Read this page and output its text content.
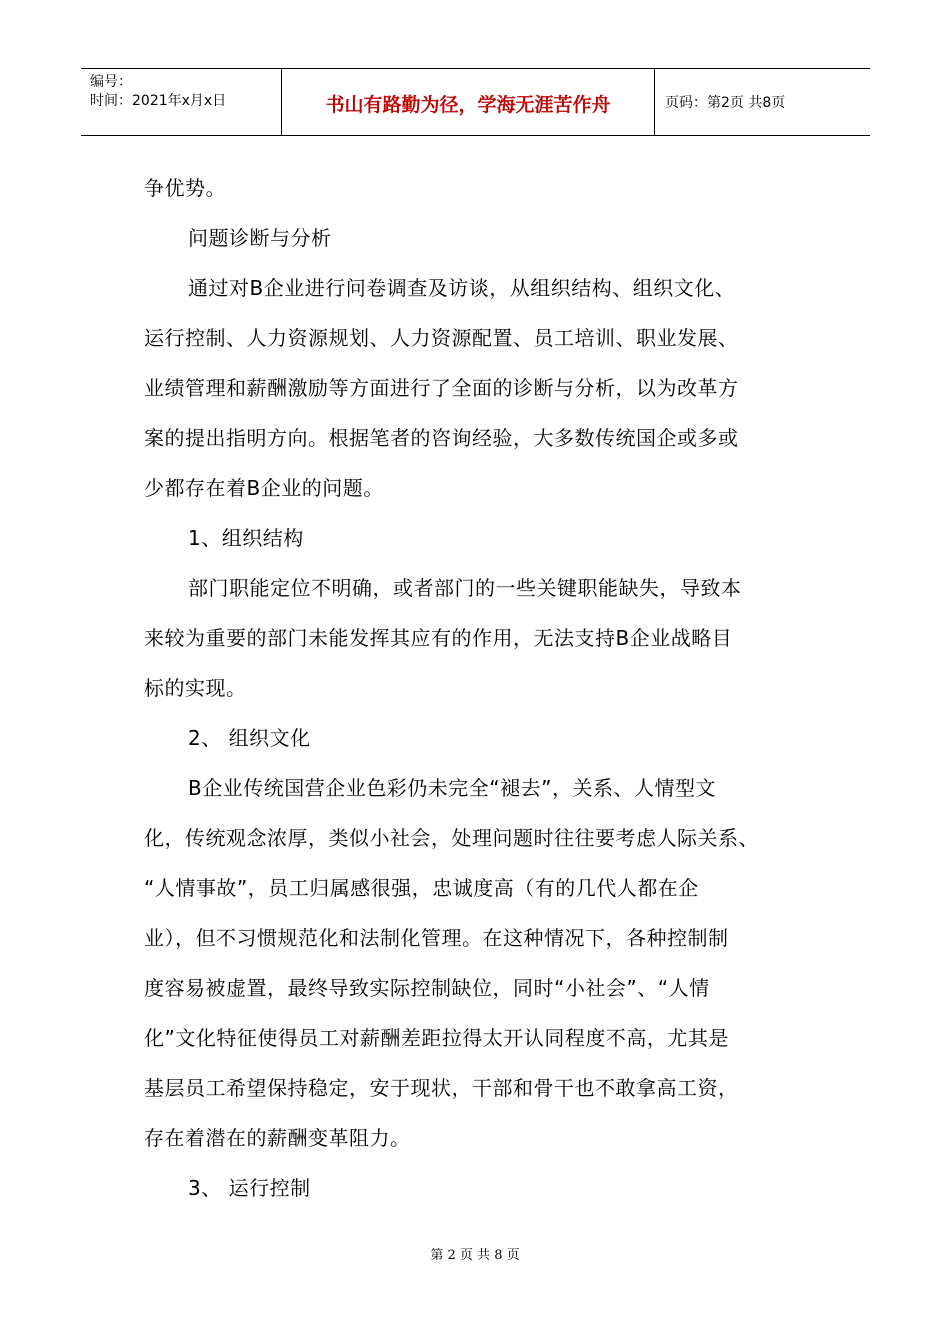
编号：
时间：2021年x月x日	书山有路勤为径，学海无涯苦作舟	页码：第2页 共8页

争优势。

问题诊断与分析

通过对B企业进行问卷调查及访谈，从组织结构、组织文化、

运行控制、人力资源规划、人力资源配置、员工培训、职业发展、

业绩管理和薪酬激励等方面进行了全面的诊断与分析，以为改革方

案的提出指明方向。根据笔者的咨询经验，大多数传统国企或多或

少都存在着B企业的问题。

1、组织结构

部门职能定位不明确，或者部门的一些关键职能缺失，导致本

来较为重要的部门未能发挥其应有的作用，无法支持B企业战略目

标的实现。

2、 组织文化

B企业传统国营企业色彩仍未完全“褪去”，关系、人情型文

化，传统观念浓厚，类似小社会，处理问题时往往要考虑人际关系、

“人情事故”，员工归属感很强，忠诚度高（有的几代人都在企

业），但不习惯规范化和法制化管理。在这种情况下，各种控制制

度容易被虚置，最终导致实际控制缺位，同时“小社会”、“人情

化”文化特征使得员工对薪酬差距拉得太开认同程度不高，尤其是

基层员工希望保持稳定，安于现状，干部和骨干也不敢拿高工资，

存在着潜在的薪酬变革阻力。

3、 运行控制

第 2 页 共 8 页
